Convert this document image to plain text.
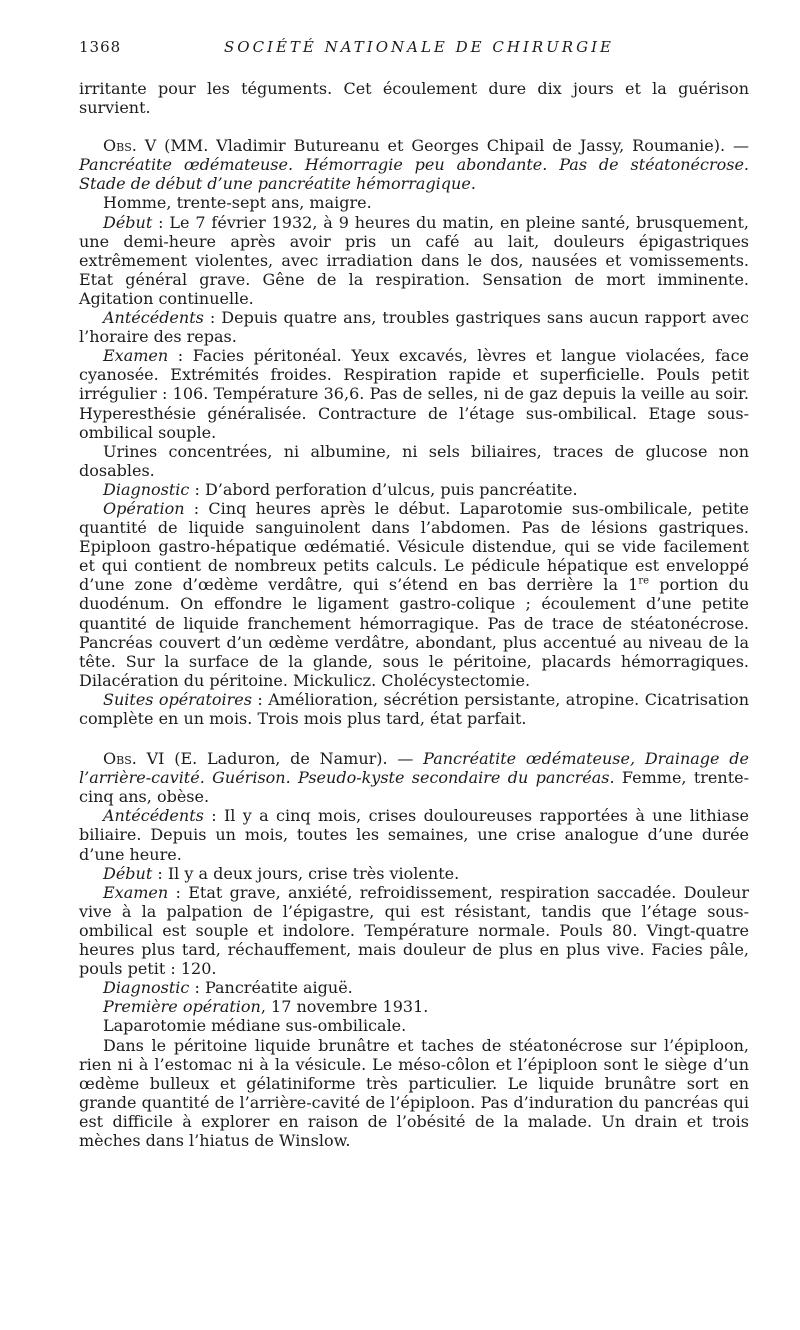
1368	SOCIÉTÉ NATIONALE DE CHIRURGIE

irritante pour les téguments. Cet écoulement dure dix jours et la guérison survient.

Obs. V (MM. Vladimir Butureanu et Georges Chipail de Jassy, Roumanie). — Pancréatite œdémateuse. Hémorragie peu abondante. Pas de stéatonécrose. Stade de début d’une pancréatite hémorragique.

Homme, trente-sept ans, maigre.

Début : Le 7 février 1932, à 9 heures du matin, en pleine santé, brusquement, une demi-heure après avoir pris un café au lait, douleurs épigastriques extrêmement violentes, avec irradiation dans le dos, nausées et vomissements. Etat général grave. Gêne de la respiration. Sensation de mort imminente. Agitation continuelle.

Antécédents : Depuis quatre ans, troubles gastriques sans aucun rapport avec l’horaire des repas.

Examen : Facies péritonéal. Yeux excavés, lèvres et langue violacées, face cyanosée. Extrémités froides. Respiration rapide et superficielle. Pouls petit irrégulier : 106. Température 36,6. Pas de selles, ni de gaz depuis la veille au soir. Hyperesthésie généralisée. Contracture de l’étage sus-ombilical. Etage sous-ombilical souple.

Urines concentrées, ni albumine, ni sels biliaires, traces de glucose non dosables.

Diagnostic : D’abord perforation d’ulcus, puis pancréatite.

Opération : Cinq heures après le début. Laparotomie sus-ombilicale, petite quantité de liquide sanguinolent dans l’abdomen. Pas de lésions gastriques. Epiploon gastro-hépatique œdématié. Vésicule distendue, qui se vide facilement et qui contient de nombreux petits calculs. Le pédicule hépatique est enveloppé d’une zone d’œdème verdâtre, qui s’étend en bas derrière la 1re portion du duodénum. On effondre le ligament gastro-colique ; écoulement d’une petite quantité de liquide franchement hémorragique. Pas de trace de stéatonécrose. Pancréas couvert d’un œdème verdâtre, abondant, plus accentué au niveau de la tête. Sur la surface de la glande, sous le péritoine, placards hémorragiques. Dilacération du péritoine. Mickulicz. Cholécystectomie.

Suites opératoires : Amélioration, sécrétion persistante, atropine. Cicatrisation complète en un mois. Trois mois plus tard, état parfait.

Obs. VI (E. Laduron, de Namur). — Pancréatite œdémateuse, Drainage de l’arrière-cavité. Guérison. Pseudo-kyste secondaire du pancréas. Femme, trente-cinq ans, obèse.

Antécédents : Il y a cinq mois, crises douloureuses rapportées à une lithiase biliaire. Depuis un mois, toutes les semaines, une crise analogue d’une durée d’une heure.

Début : Il y a deux jours, crise très violente.

Examen : Etat grave, anxiété, refroidissement, respiration saccadée. Douleur vive à la palpation de l’épigastre, qui est résistant, tandis que l’étage sous-ombilical est souple et indolore. Température normale. Pouls 80. Vingt-quatre heures plus tard, réchauffement, mais douleur de plus en plus vive. Facies pâle, pouls petit : 120.

Diagnostic : Pancréatite aiguë.

Première opération, 17 novembre 1931.

Laparotomie médiane sus-ombilicale.

Dans le péritoine liquide brunâtre et taches de stéatonécrose sur l’épiploon, rien ni à l’estomac ni à la vésicule. Le méso-côlon et l’épiploon sont le siège d’un œdème bulleux et gélatiniforme très particulier. Le liquide brunâtre sort en grande quantité de l’arrière-cavité de l’épiploon. Pas d’induration du pancréas qui est difficile à explorer en raison de l’obésité de la malade. Un drain et trois mèches dans l’hiatus de Winslow.
